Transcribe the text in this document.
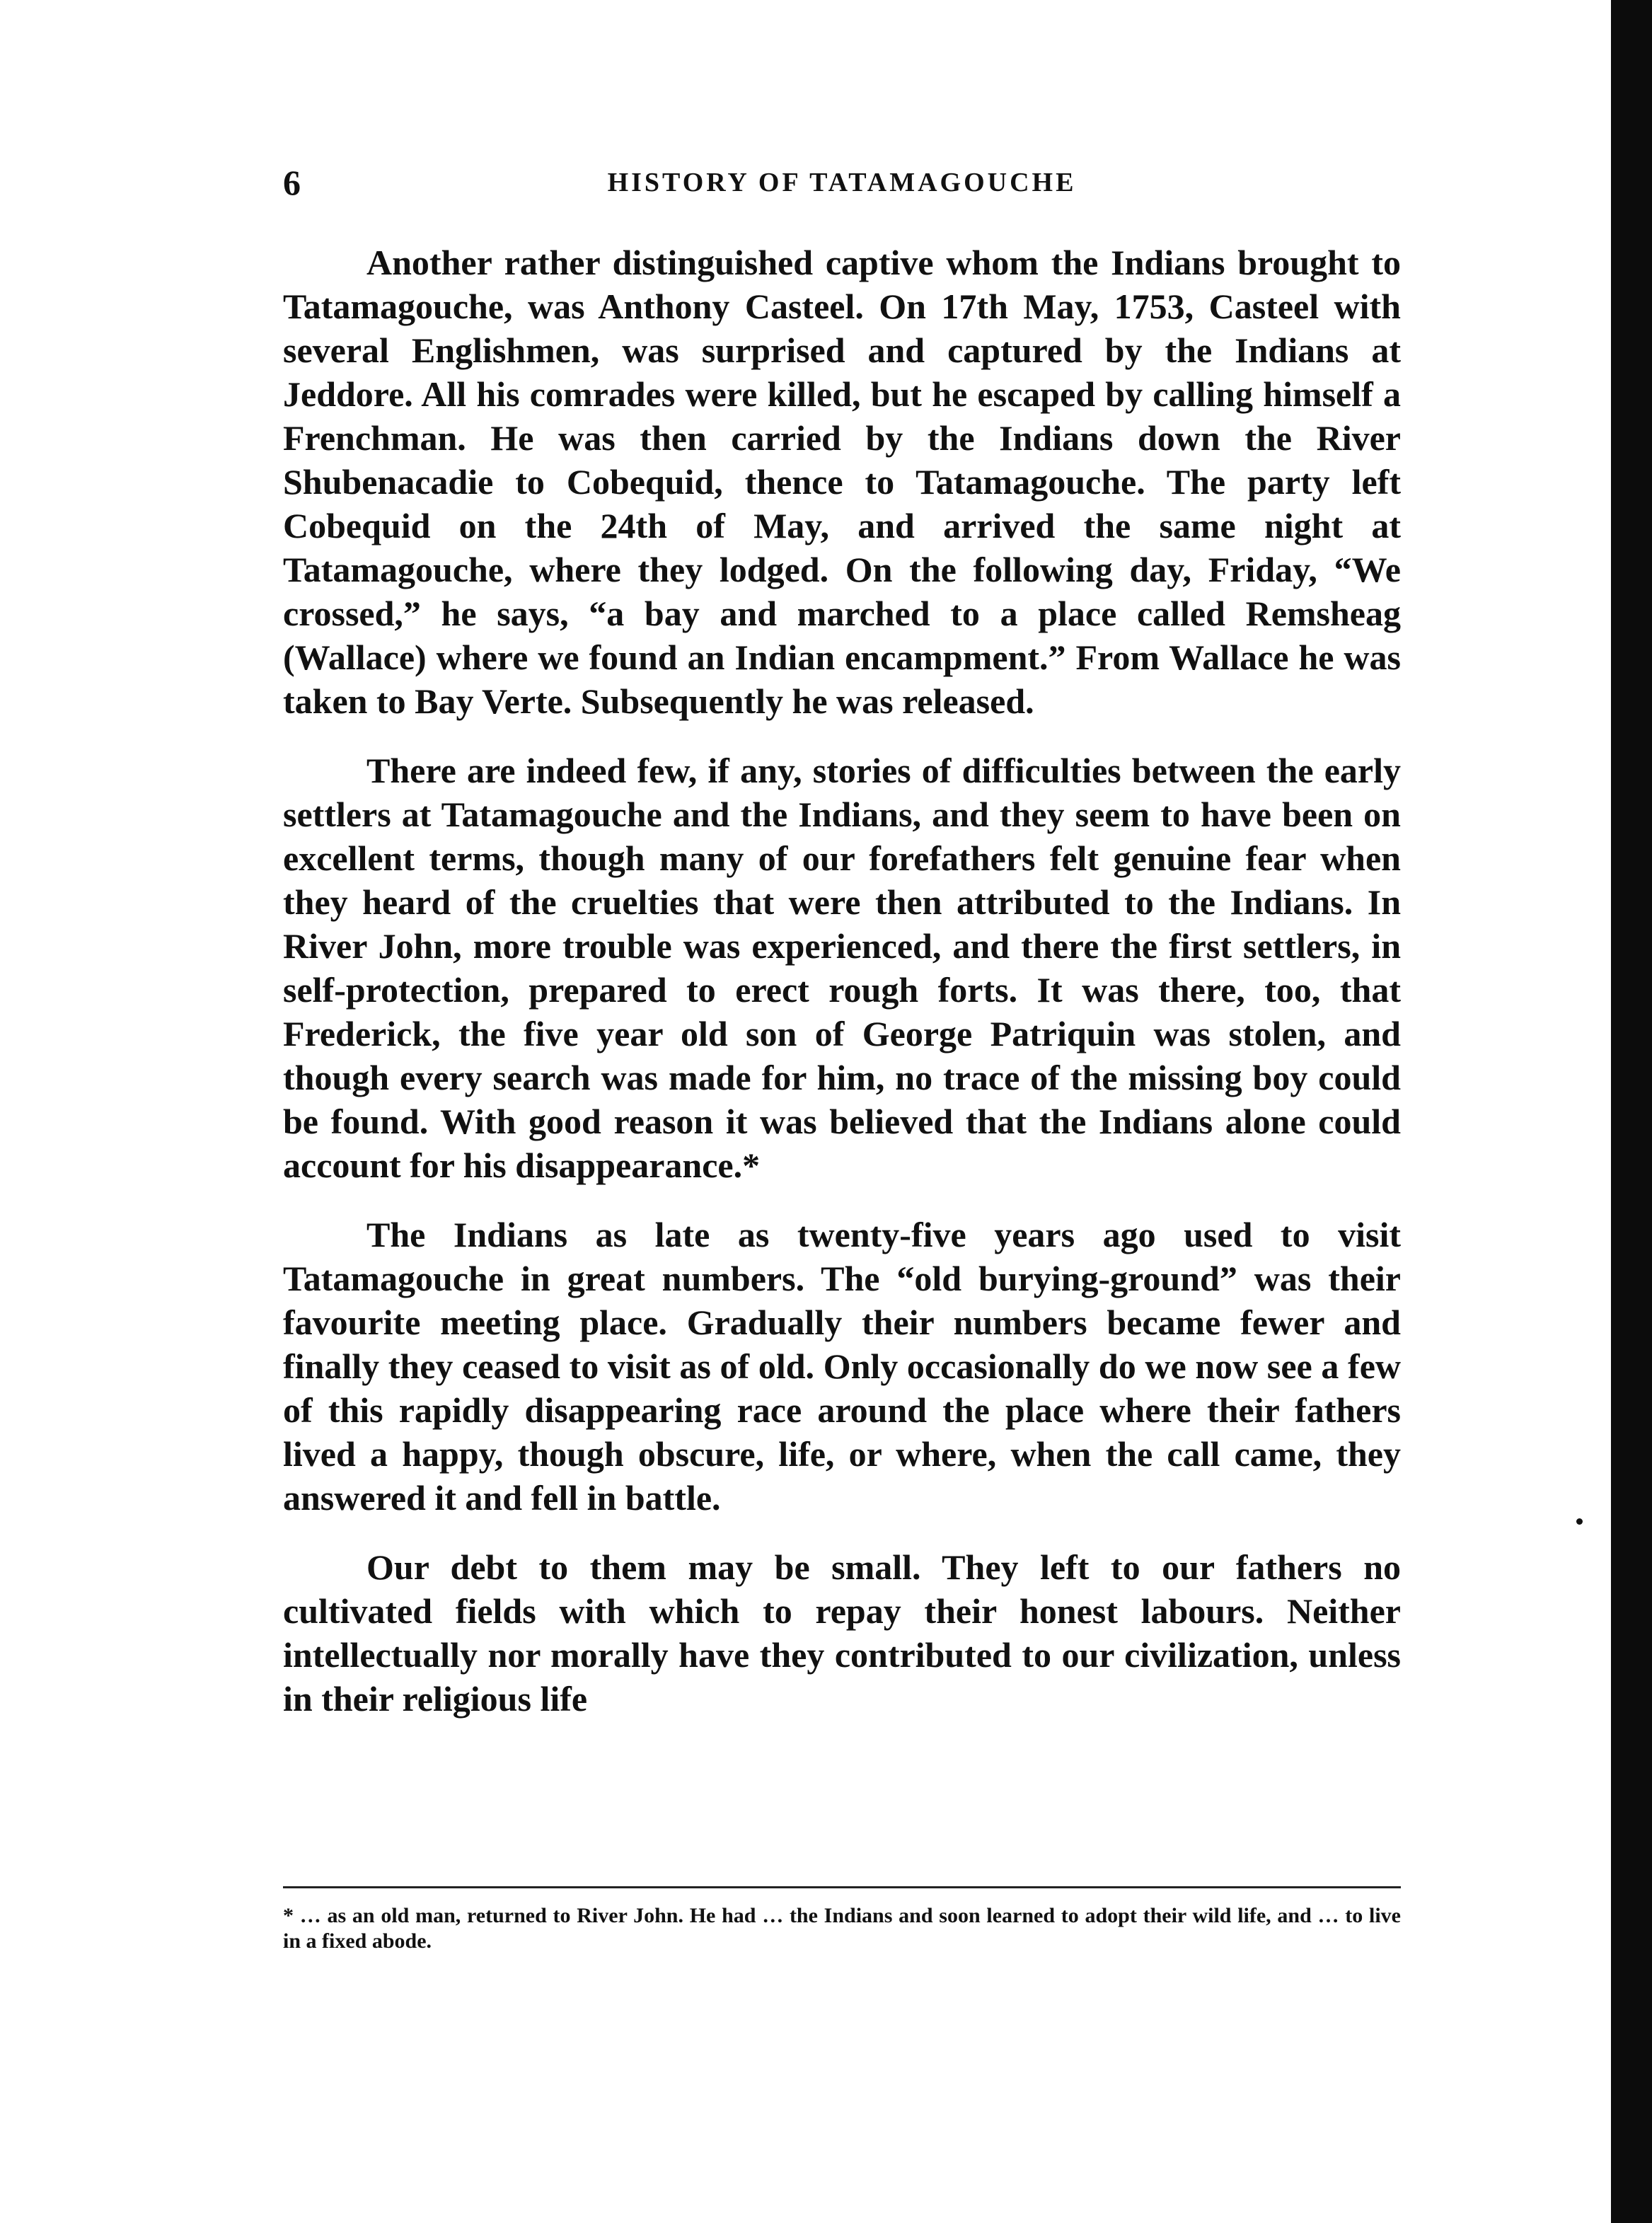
6	HISTORY OF TATAMAGOUCHE

Another rather distinguished captive whom the Indians brought to Tatamagouche, was Anthony Casteel. On 17th May, 1753, Casteel with several Englishmen, was surprised and captured by the Indians at Jeddore. All his comrades were killed, but he escaped by calling himself a Frenchman. He was then carried by the Indians down the River Shubenacadie to Cobequid, thence to Tatamagouche. The party left Cobequid on the 24th of May, and arrived the same night at Tatamagouche, where they lodged. On the following day, Friday, “We crossed,” he says, “a bay and marched to a place called Remsheag (Wallace) where we found an Indian encampment.” From Wallace he was taken to Bay Verte. Subsequently he was released.

There are indeed few, if any, stories of difficulties between the early settlers at Tatamagouche and the Indians, and they seem to have been on excellent terms, though many of our forefathers felt genuine fear when they heard of the cruelties that were then attributed to the Indians. In River John, more trouble was experienced, and there the first settlers, in self-protection, prepared to erect rough forts. It was there, too, that Frederick, the five year old son of George Patriquin was stolen, and though every search was made for him, no trace of the missing boy could be found. With good reason it was believed that the Indians alone could account for his disappearance.*

The Indians as late as twenty-five years ago used to visit Tatamagouche in great numbers. The “old burying-ground” was their favourite meeting place. Gradually their numbers became fewer and finally they ceased to visit as of old. Only occasionally do we now see a few of this rapidly disappearing race around the place where their fathers lived a happy, though obscure, life, or where, when the call came, they answered it and fell in battle.

Our debt to them may be small. They left to our fathers no cultivated fields with which to repay their honest labours. Neither intellectually nor morally have they contributed to our civilization, unless in their religious life

* … as an old man, returned to River John. He had … the Indians and soon learned to adopt their wild life, and … to live in a fixed abode.
